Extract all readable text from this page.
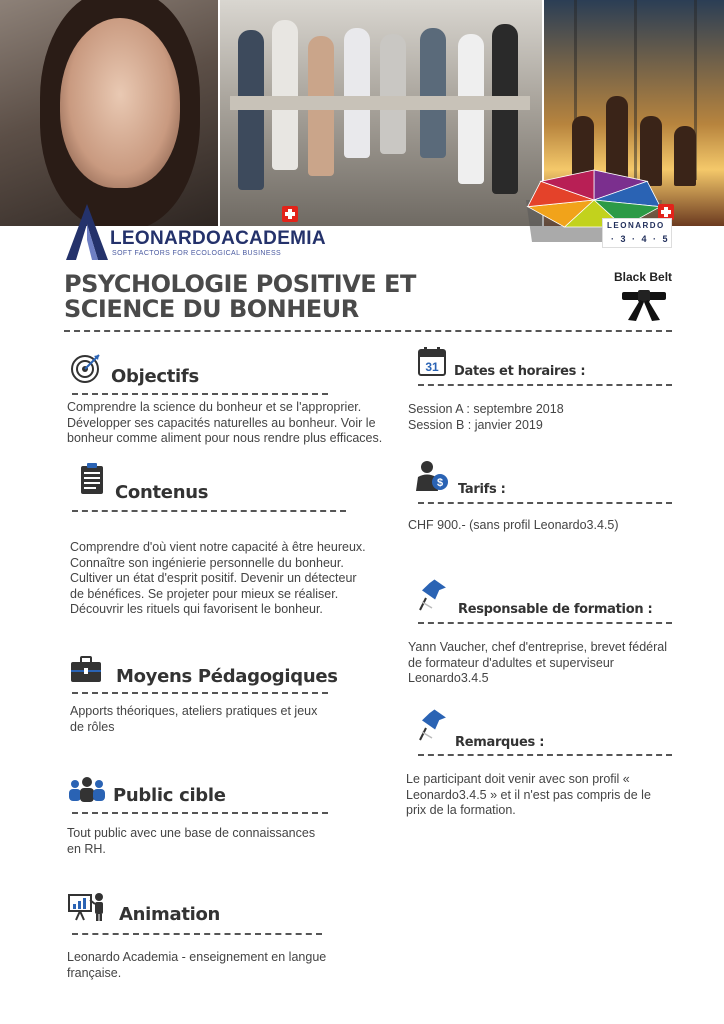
LEONARDO
· 3 · 4 · 5
LEONARDOACADEMIA
SOFT FACTORS FOR ECOLOGICAL BUSINESS
PSYCHOLOGIE POSITIVE ET
SCIENCE DU BONHEUR
Black Belt
Objectifs
Comprendre la science du bonheur et se l'approprier.
Développer ses capacités naturelles au bonheur. Voir le
bonheur comme aliment pour nous rendre plus efficaces.
Contenus
Comprendre d'où vient notre capacité à être heureux.
Connaître son ingénierie personnelle du bonheur.
Cultiver un état d'esprit positif. Devenir un détecteur
de bénéfices. Se projeter pour mieux se réaliser.
Découvrir les rituels qui favorisent le bonheur.
Moyens Pédagogiques
Apports théoriques, ateliers pratiques et jeux
de rôles
Public cible
Tout public avec une base de connaissances
en RH.
Animation
Leonardo Academia - enseignement en langue
française.
31 Dates et horaires :
Session A : septembre 2018
Session B : janvier 2019
$ Tarifs :
CHF 900.- (sans profil Leonardo3.4.5)
Responsable de formation :
Yann Vaucher, chef d'entreprise, brevet fédéral
de formateur d'adultes et superviseur
Leonardo3.4.5
Remarques :
Le participant doit venir avec son profil «
Leonardo3.4.5 » et il n'est pas compris de le
prix de la formation.
